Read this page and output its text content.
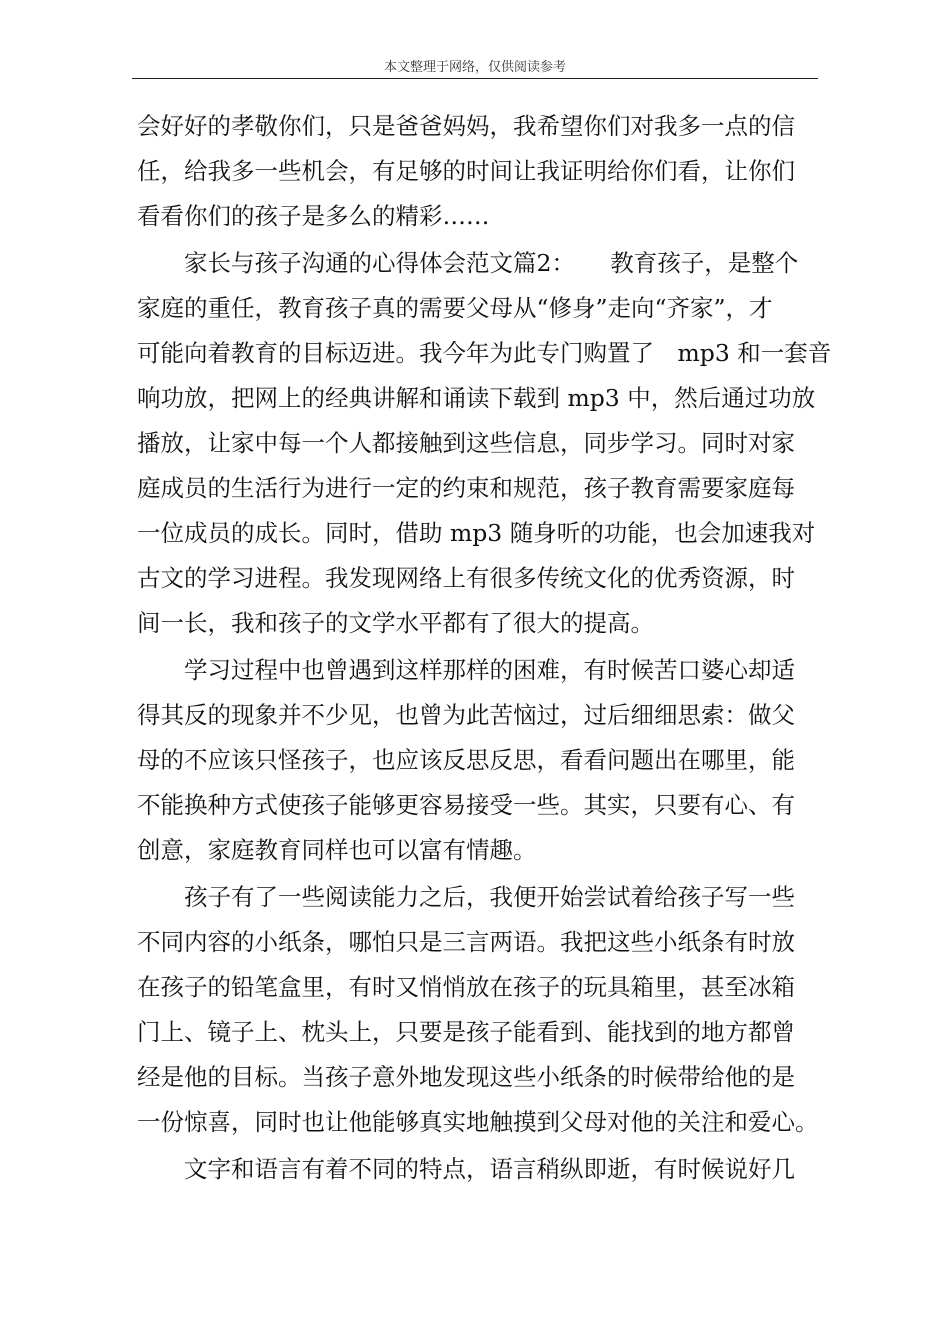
本文整理于网络，仅供阅读参考
会好好的孝敬你们，只是爸爸妈妈，我希望你们对我多一点的信
任，给我多一些机会，有足够的时间让我证明给你们看，让你们
看看你们的孩子是多么的精彩……
家长与孩子沟通的心得体会范文篇2：　　教育孩子，是整个
家庭的重任，教育孩子真的需要父母从“修身”走向“齐家”，才
可能向着教育的目标迈进。我今年为此专门购置了　mp3 和一套音
响功放，把网上的经典讲解和诵读下载到 mp3 中，然后通过功放
播放，让家中每一个人都接触到这些信息，同步学习。同时对家
庭成员的生活行为进行一定的约束和规范，孩子教育需要家庭每
一位成员的成长。同时，借助 mp3 随身听的功能，也会加速我对
古文的学习进程。我发现网络上有很多传统文化的优秀资源，时
间一长，我和孩子的文学水平都有了很大的提高。
学习过程中也曾遇到这样那样的困难，有时候苦口婆心却适
得其反的现象并不少见，也曾为此苦恼过，过后细细思索：做父
母的不应该只怪孩子，也应该反思反思，看看问题出在哪里，能
不能换种方式使孩子能够更容易接受一些。其实，只要有心、有
创意，家庭教育同样也可以富有情趣。
孩子有了一些阅读能力之后，我便开始尝试着给孩子写一些
不同内容的小纸条，哪怕只是三言两语。我把这些小纸条有时放
在孩子的铅笔盒里，有时又悄悄放在孩子的玩具箱里，甚至冰箱
门上、镜子上、枕头上，只要是孩子能看到、能找到的地方都曾
经是他的目标。当孩子意外地发现这些小纸条的时候带给他的是
一份惊喜，同时也让他能够真实地触摸到父母对他的关注和爱心。
文字和语言有着不同的特点，语言稍纵即逝，有时候说好几
